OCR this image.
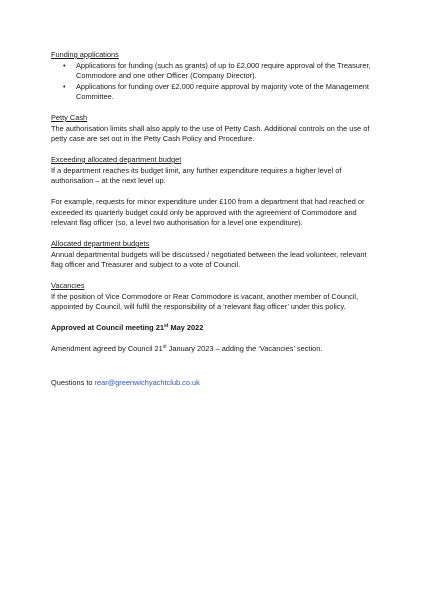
Funding applications
• Applications for funding (such as grants) of up to £2,000 require approval of the Treasurer, Commodore and one other Officer (Company Director).
• Applications for funding over £2,000 require approval by majority vote of the Management Committee.
Petty Cash
The authorisation limits shall also apply to the use of Petty Cash. Additional controls on the use of petty case are set out in the Petty Cash Policy and Procedure.
Exceeding allocated department budget
If a department reaches its budget limit, any further expenditure requires a higher level of authorisation – at the next level up.
For example, requests for minor expenditure under £100 from a department that had reached or exceeded its quarterly budget could only be approved with the agreement of Commodore and relevant flag officer (so, a level two authorisation for a level one expenditure).
Allocated department budgets
Annual departmental budgets will be discussed / negotiated between the lead volunteer, relevant flag officer and Treasurer and subject to a vote of Council.
Vacancies
If the position of Vice Commodore or Rear Commodore is vacant, another member of Council, appointed by Council, will fulfil the responsibility of a ‘relevant flag officer’ under this policy.
Approved at Council meeting 21st May 2022
Amendment agreed by Council 21st January 2023 – adding the ‘Vacancies’ section.
Questions to rear@greenwichyachtclub.co.uk
